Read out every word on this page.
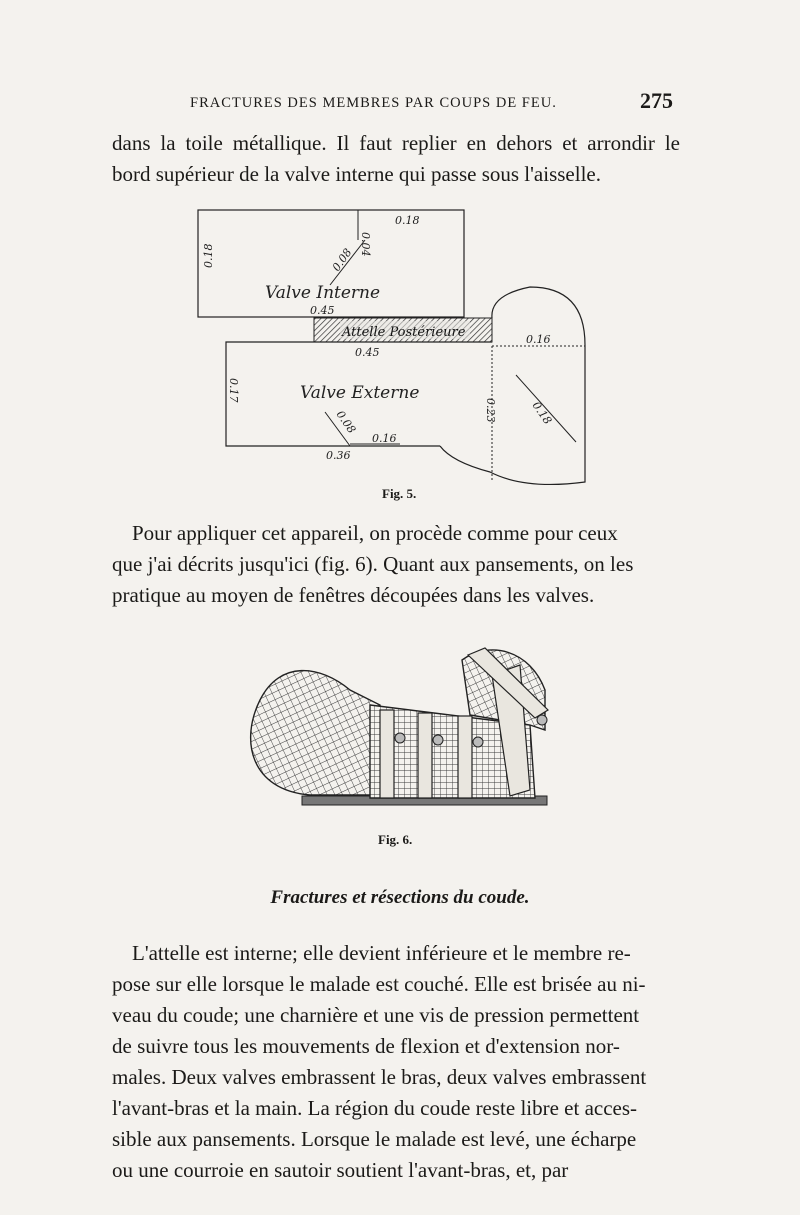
FRACTURES DES MEMBRES PAR COUPS DE FEU.	275

dans la toile métallique. Il faut replier en dehors et arrondir le
bord supérieur de la valve interne qui passe sous l'aisselle.

0.18
0.04
0.08
0.18
Valve Interne
0.45
Attelle Postérieure	0.16
0.18
0.23
0.45
0.17	Valve Externe
0.08
0.16
0.36
Fig. 5.

Pour appliquer cet appareil, on procède comme pour ceux
que j'ai décrits jusqu'ici (fig. 6). Quant aux pansements, on les
pratique au moyen de fenêtres découpées dans les valves.

Fig. 6.
Fractures et résections du coude.

L'attelle est interne; elle devient inférieure et le membre re-
pose sur elle lorsque le malade est couché. Elle est brisée au ni-
veau du coude; une charnière et une vis de pression permettent
de suivre tous les mouvements de flexion et d'extension nor-
males. Deux valves embrassent le bras, deux valves embrassent
l'avant-bras et la main. La région du coude reste libre et acces-
sible aux pansements. Lorsque le malade est levé, une écharpe
ou une courroie en sautoir soutient l'avant-bras, et, par
